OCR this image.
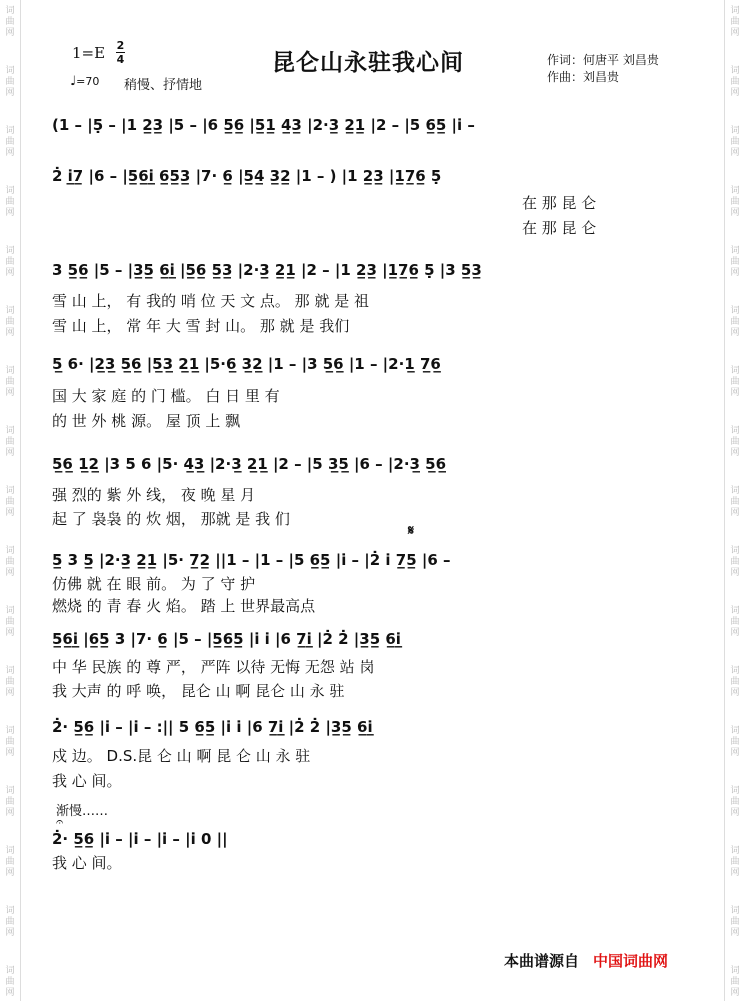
词
曲
网
词
曲
网
词
曲
网
词
曲
网
词
曲
网
词
曲
网
词
曲
网
词
曲
网
词
曲
网
词
曲
网
词
曲
网
词
曲
网
词
曲
网
词
曲
网
词
曲
网
词
曲
网
词
曲
网
词
曲
网
词
曲
网
词
曲
网
词
曲
网
词
曲
网
词
曲
网
词
曲
网
词
曲
网
词
曲
网
词
曲
网
词
曲
网
词
曲
网
词
曲
网
词
曲
网
词
曲
网
词
曲
网
词
曲
网
1=E 2
4
♩=70 稍慢、抒情地
昆仑山永驻我心间	作词：何唐平 刘昌贵
作曲：刘昌贵
(1 – |5̣ – |1 2̲3̲ |5 – |6 5̲6̲ |5̲1̲ 4̲3̲ |2·3̲ 2̲1̲ |2 – |5 6̲5̲ |i̇ –
2̇ i̲̇7̲ |6 – |5̲6̲i̲̇ 6̲5̲3̲ |7· 6̲ |5̲4̲ 3̲2̲ |1 – ) |1 2̲3̲ |1̲7̲6̲ 5̣
3 5̲6̲ |5 – |3̲5̲ 6̲i̲̇ |5̲6̲ 5̲3̲ |2·3̲ 2̲1̲ |2 – |1 2̲3̲ |1̲7̲6̲ 5̣ |3 5̲3̲
5̲ 6· |2̲3̲ 5̲6̲ |5̲3̲ 2̲1̲ |5·6̲ 3̲2̲ |1 – |3 5̲6̲ |1 – |2·1̲ 7̲6̲
5̲6̲ 1̲2̲ |3 5 6 |5· 4̲3̲ |2·3̲ 2̲1̲ |2 – |5 3̲5̲ |6 – |2·3̲ 5̲6̲
5̲ 3 5̲ |2·3̲ 2̲1̲ |5· 7̲2̲ ||1 – |1 – |5 6̲5̲ |i̇ – |2̇ i̇ 7̲5̲ |6 –
5̲6̲i̲̇ |6̲5̲ 3 |7· 6̲ |5 – |5̲6̲5̲ |i̇ i̇ |6 7̲i̲̇ |2̇ 2̇ |3̲5̲ 6̲i̲̇
2̇· 5̲6̲ |i̇ – |i̇ – :|| 5 6̲5̲ |i̇ i̇ |6 7̲i̲̇ |2̇ 2̇ |3̲5̲ 6̲i̲̇
2̇· 5̲6̲ |i̇ – |i̇ – |i̇ – |i̇ 0 ||
在 那 昆 仑
在 那 昆 仑
雪 山 上， 有 我的 哨 位 天 文 点。 那 就 是 祖
雪 山 上， 常 年 大 雪 封 山。 那 就 是 我们
国 大 家 庭 的 门 槛。 白 日 里 有
的 世 外 桃 源。 屋 顶 上 飘
强 烈的 紫 外 线， 夜 晚 星 月
起 了 袅袅 的 炊 烟， 那就 是 我 们
仿佛 就 在 眼 前。 为 了 守 护
燃烧 的 青 春 火 焰。 踏 上 世界最高点
中 华 民族 的 尊 严， 严阵 以待 无悔 无怨 站 岗
我 大声 的 呼 唤， 昆仑 山 啊 昆仑 山 永 驻
戍 边。 D.S.昆 仑 山 啊 昆 仑 山 永 驻
我 心 间。
我 心 间。
𝄋
渐慢……
𝄐
本曲谱源自 中国词曲网
